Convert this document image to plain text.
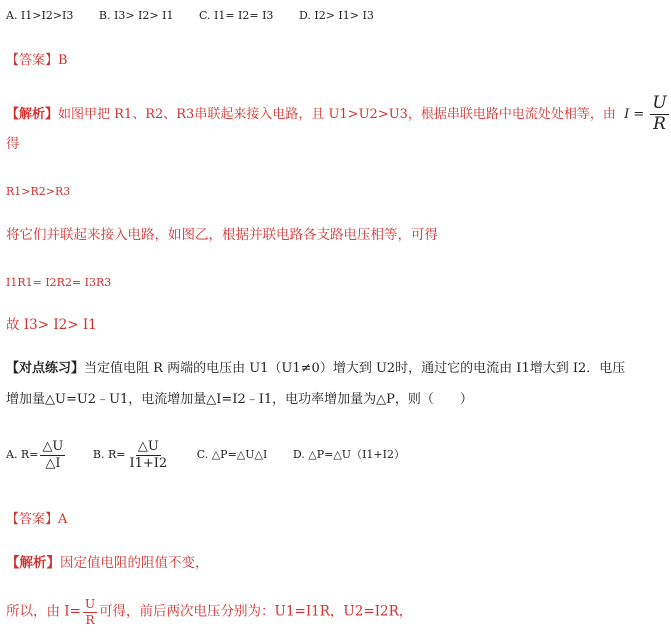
A. I1>I2>I3 B. I3> I2> I1 C. I1= I2= I3 D. I2> I1> I3
【答案】B
【解析】如图甲把 R1、R2、R3串联起来接入电路，且 U1>U2>U3，根据串联电路中电流处处相等，由 $I = \frac{U}{R}$
得
R1>R2>R3
将它们并联起来接入电路，如图乙，根据并联电路各支路电压相等，可得
I1R1= I2R2= I3R3
故 I3> I2> I1
【对点练习】当定值电阻 R 两端的电压由 U1（U1≠0）增大到 U2时，通过它的电流由 I1增大到 I2．电压
增加量△U=U2﹣U1，电流增加量△I=I2﹣I1，电功率增加量为△P，则（　　）
A. $R= \frac{\triangle U}{\triangle I}$	B. $R= \frac{\triangle U}{I1+I2}$	C. △P=△U△I D. △P=△U（I1+I2）
【答案】A
【解析】因定值电阻的阻值不变，
所以，由 $I= \frac{U}{R}$ 可得，前后两次电压分别为：U1=I1R，U2=I2R，
